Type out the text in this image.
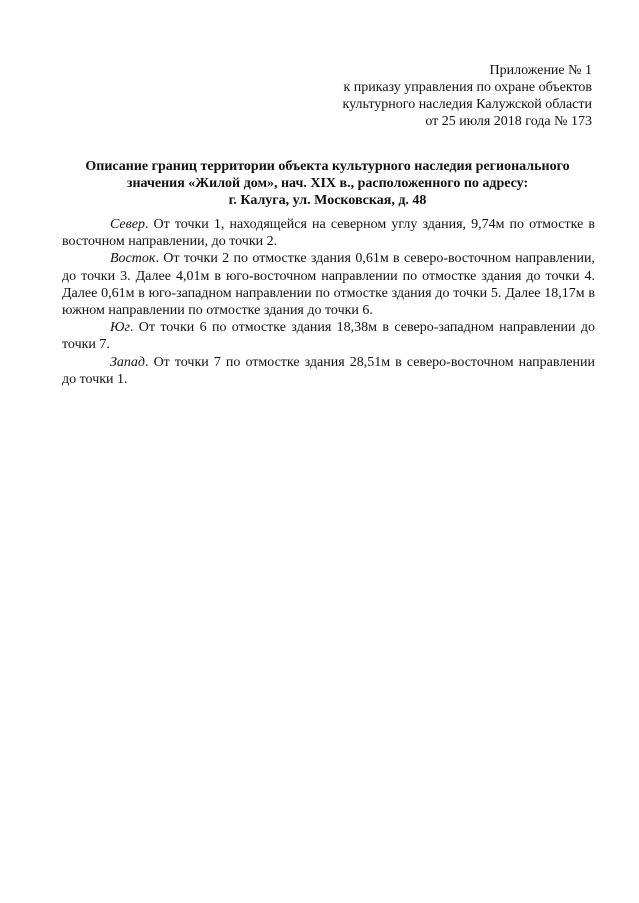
Приложение № 1
к приказу управления по охране объектов
культурного наследия Калужской области
от 25 июля 2018 года № 173
Описание границ территории объекта культурного наследия регионального
значения «Жилой дом», нач. XIX в., расположенного по адресу:
г. Калуга, ул. Московская, д. 48

Север. От точки 1, находящейся на северном углу здания, 9,74м по отмостке в восточном направлении, до точки 2.

Восток. От точки 2 по отмостке здания 0,61м в северо-восточном направлении, до точки 3. Далее 4,01м в юго-восточном направлении по отмостке здания до точки 4. Далее 0,61м в юго-западном направлении по отмостке здания до точки 5. Далее 18,17м в южном направлении по отмостке здания до точки 6.

Юг. От точки 6 по отмостке здания 18,38м в северо-западном направлении до точки 7.

Запад. От точки 7 по отмостке здания 28,51м в северо-восточном направлении до точки 1.
